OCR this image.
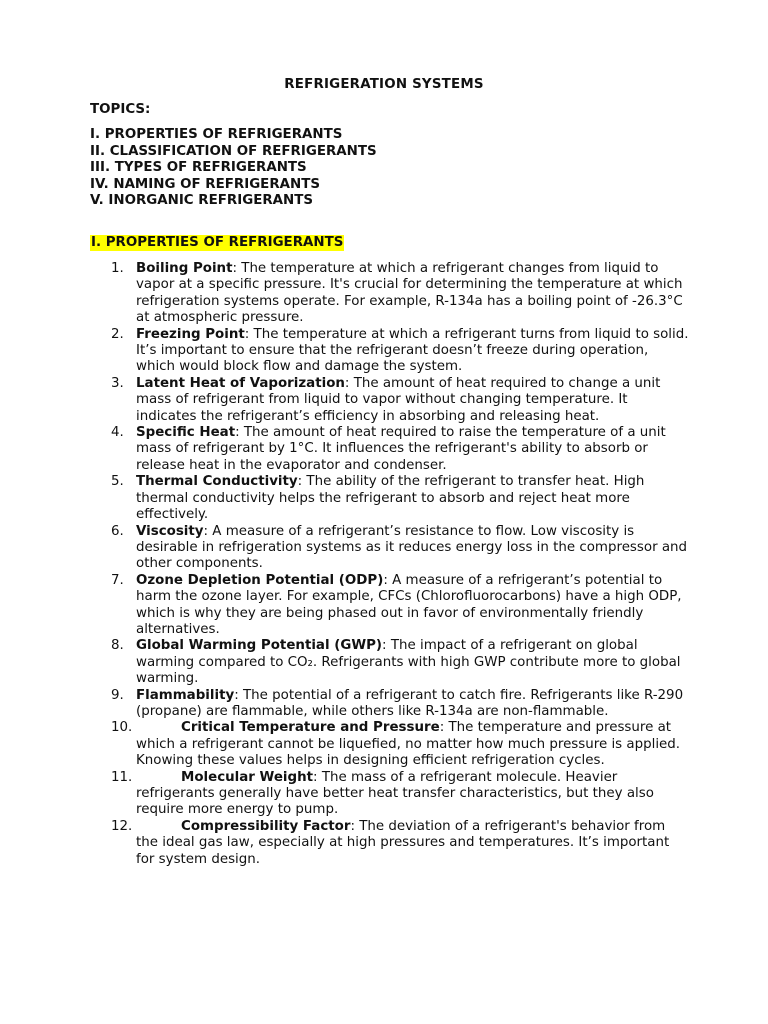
REFRIGERATION SYSTEMS
TOPICS:
I. PROPERTIES OF REFRIGERANTS
II. CLASSIFICATION OF REFRIGERANTS
III. TYPES OF REFRIGERANTS
IV. NAMING OF REFRIGERANTS
V. INORGANIC REFRIGERANTS
I. PROPERTIES OF REFRIGERANTS
1. Boiling Point: The temperature at which a refrigerant changes from liquid to vapor at a specific pressure. It's crucial for determining the temperature at which refrigeration systems operate. For example, R-134a has a boiling point of -26.3°C at atmospheric pressure.
2. Freezing Point: The temperature at which a refrigerant turns from liquid to solid. It’s important to ensure that the refrigerant doesn’t freeze during operation, which would block flow and damage the system.
3. Latent Heat of Vaporization: The amount of heat required to change a unit mass of refrigerant from liquid to vapor without changing temperature. It indicates the refrigerant’s efficiency in absorbing and releasing heat.
4. Specific Heat: The amount of heat required to raise the temperature of a unit mass of refrigerant by 1°C. It influences the refrigerant's ability to absorb or release heat in the evaporator and condenser.
5. Thermal Conductivity: The ability of the refrigerant to transfer heat. High thermal conductivity helps the refrigerant to absorb and reject heat more effectively.
6. Viscosity: A measure of a refrigerant’s resistance to flow. Low viscosity is desirable in refrigeration systems as it reduces energy loss in the compressor and other components.
7. Ozone Depletion Potential (ODP): A measure of a refrigerant’s potential to harm the ozone layer. For example, CFCs (Chlorofluorocarbons) have a high ODP, which is why they are being phased out in favor of environmentally friendly alternatives.
8. Global Warming Potential (GWP): The impact of a refrigerant on global warming compared to CO₂. Refrigerants with high GWP contribute more to global warming.
9. Flammability: The potential of a refrigerant to catch fire. Refrigerants like R-290 (propane) are flammable, while others like R-134a are non-flammable.
10.	Critical Temperature and Pressure: The temperature and pressure at which a refrigerant cannot be liquefied, no matter how much pressure is applied. Knowing these values helps in designing efficient refrigeration cycles.
11.	Molecular Weight: The mass of a refrigerant molecule. Heavier refrigerants generally have better heat transfer characteristics, but they also require more energy to pump.
12.	Compressibility Factor: The deviation of a refrigerant's behavior from the ideal gas law, especially at high pressures and temperatures. It’s important for system design.
